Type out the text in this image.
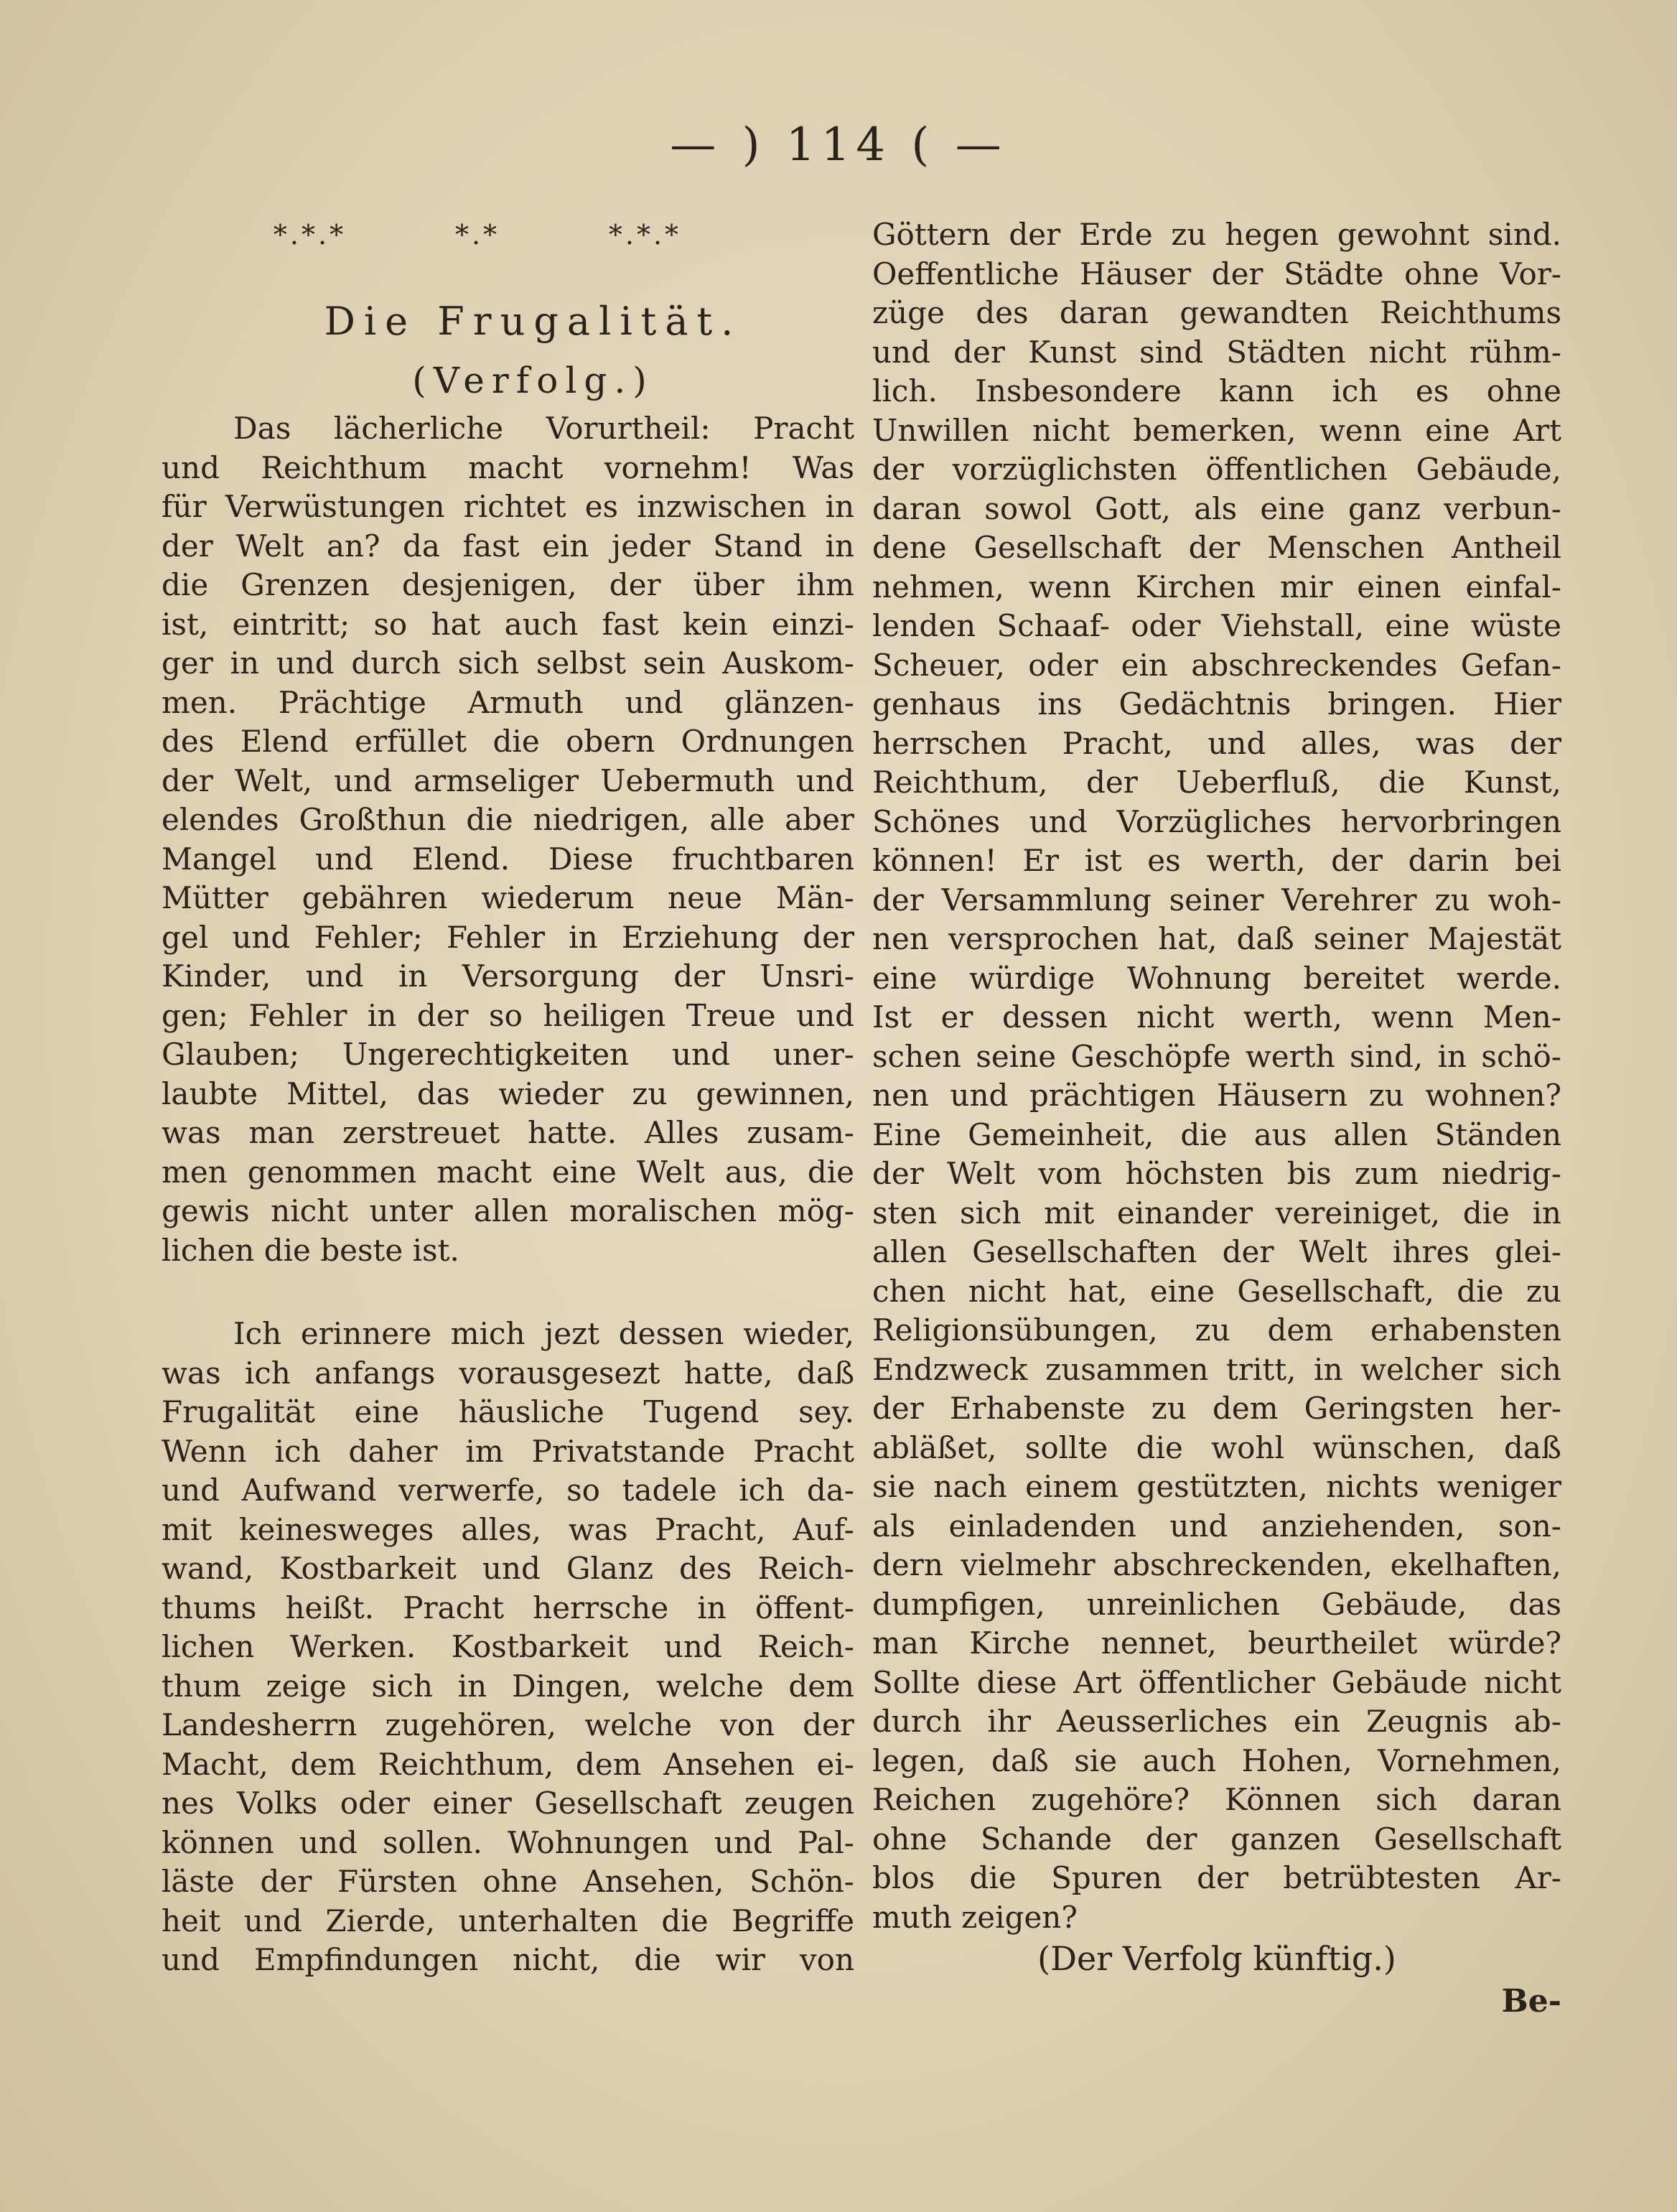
— ) 114 ( —
*.*.*	*.*	*.*.*
Die Frugalität.
(Verfolg.)
Das lächerliche Vorurtheil: Pracht
und Reichthum macht vornehm! Was
für Verwüstungen richtet es inzwischen in
der Welt an? da fast ein jeder Stand in
die Grenzen desjenigen, der über ihm
ist, eintritt; so hat auch fast kein einzi-
ger in und durch sich selbst sein Auskom-
men. Prächtige Armuth und glänzen-
des Elend erfüllet die obern Ordnungen
der Welt, und armseliger Uebermuth und
elendes Großthun die niedrigen, alle aber
Mangel und Elend. Diese fruchtbaren
Mütter gebähren wiederum neue Män-
gel und Fehler; Fehler in Erziehung der
Kinder, und in Versorgung der Unsri-
gen; Fehler in der so heiligen Treue und
Glauben; Ungerechtigkeiten und uner-
laubte Mittel, das wieder zu gewinnen,
was man zerstreuet hatte. Alles zusam-
men genommen macht eine Welt aus, die
gewis nicht unter allen moralischen mög-
lichen die beste ist.
Ich erinnere mich jezt dessen wieder,
was ich anfangs vorausgesezt hatte, daß
Frugalität eine häusliche Tugend sey.
Wenn ich daher im Privatstande Pracht
und Aufwand verwerfe, so tadele ich da-
mit keinesweges alles, was Pracht, Auf-
wand, Kostbarkeit und Glanz des Reich-
thums heißt. Pracht herrsche in öffent-
lichen Werken. Kostbarkeit und Reich-
thum zeige sich in Dingen, welche dem
Landesherrn zugehören, welche von der
Macht, dem Reichthum, dem Ansehen ei-
nes Volks oder einer Gesellschaft zeugen
können und sollen. Wohnungen und Pal-
läste der Fürsten ohne Ansehen, Schön-
heit und Zierde, unterhalten die Begriffe
und Empfindungen nicht, die wir von
Göttern der Erde zu hegen gewohnt sind.
Oeffentliche Häuser der Städte ohne Vor-
züge des daran gewandten Reichthums
und der Kunst sind Städten nicht rühm-
lich. Insbesondere kann ich es ohne
Unwillen nicht bemerken, wenn eine Art
der vorzüglichsten öffentlichen Gebäude,
daran sowol Gott, als eine ganz verbun-
dene Gesellschaft der Menschen Antheil
nehmen, wenn Kirchen mir einen einfal-
lenden Schaaf- oder Viehstall, eine wüste
Scheuer, oder ein abschreckendes Gefan-
genhaus ins Gedächtnis bringen. Hier
herrschen Pracht, und alles, was der
Reichthum, der Ueberfluß, die Kunst,
Schönes und Vorzügliches hervorbringen
können! Er ist es werth, der darin bei
der Versammlung seiner Verehrer zu woh-
nen versprochen hat, daß seiner Majestät
eine würdige Wohnung bereitet werde.
Ist er dessen nicht werth, wenn Men-
schen seine Geschöpfe werth sind, in schö-
nen und prächtigen Häusern zu wohnen?
Eine Gemeinheit, die aus allen Ständen
der Welt vom höchsten bis zum niedrig-
sten sich mit einander vereiniget, die in
allen Gesellschaften der Welt ihres glei-
chen nicht hat, eine Gesellschaft, die zu
Religionsübungen, zu dem erhabensten
Endzweck zusammen tritt, in welcher sich
der Erhabenste zu dem Geringsten her-
abläßet, sollte die wohl wünschen, daß
sie nach einem gestützten, nichts weniger
als einladenden und anziehenden, son-
dern vielmehr abschreckenden, ekelhaften,
dumpfigen, unreinlichen Gebäude, das
man Kirche nennet, beurtheilet würde?
Sollte diese Art öffentlicher Gebäude nicht
durch ihr Aeusserliches ein Zeugnis ab-
legen, daß sie auch Hohen, Vornehmen,
Reichen zugehöre? Können sich daran
ohne Schande der ganzen Gesellschaft
blos die Spuren der betrübtesten Ar-
muth zeigen?
(Der Verfolg künftig.)
Be-
